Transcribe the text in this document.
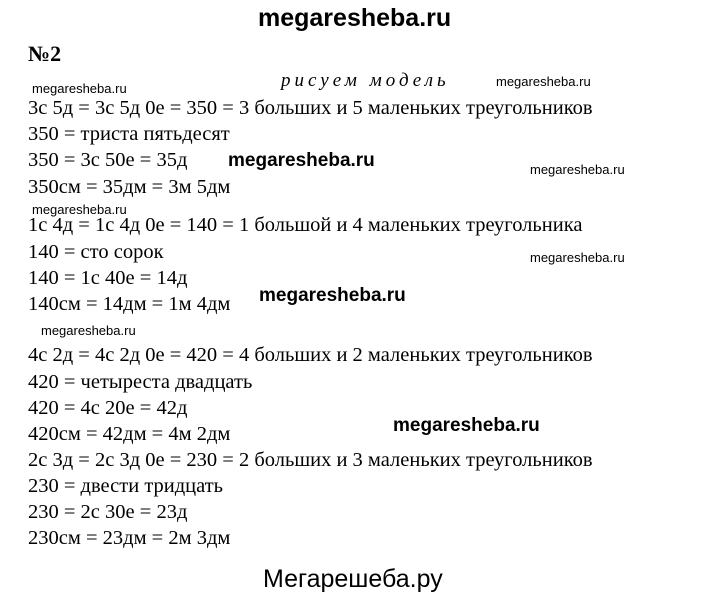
megaresheba.ru
№2
рисуем модель
megaresheba.ru	megaresheba.ru
megaresheba.ru
megaresheba.ru
megaresheba.ru
megaresheba.ru
megaresheba.ru
megaresheba.ru
megaresheba.ru
3с 5д = 3с 5д 0е = 350 = 3 больших и 5 маленьких треугольников
350 = триста пятьдесят
350 = 3с 50е = 35д
350см = 35дм = 3м 5дм
1с 4д = 1с 4д 0е = 140 = 1 большой и 4 маленьких треугольника
140 = сто сорок
140 = 1с 40е = 14д
140см = 14дм = 1м 4дм
4с 2д = 4с 2д 0е = 420 = 4 больших и 2 маленьких треугольников
420 = четыреста двадцать
420 = 4с 20е = 42д
420см = 42дм = 4м 2дм
2с 3д = 2с 3д 0е = 230 = 2 больших и 3 маленьких треугольников
230 = двести тридцать
230 = 2с 30е = 23д
230см = 23дм = 2м 3дм
Мегарешеба.ру
